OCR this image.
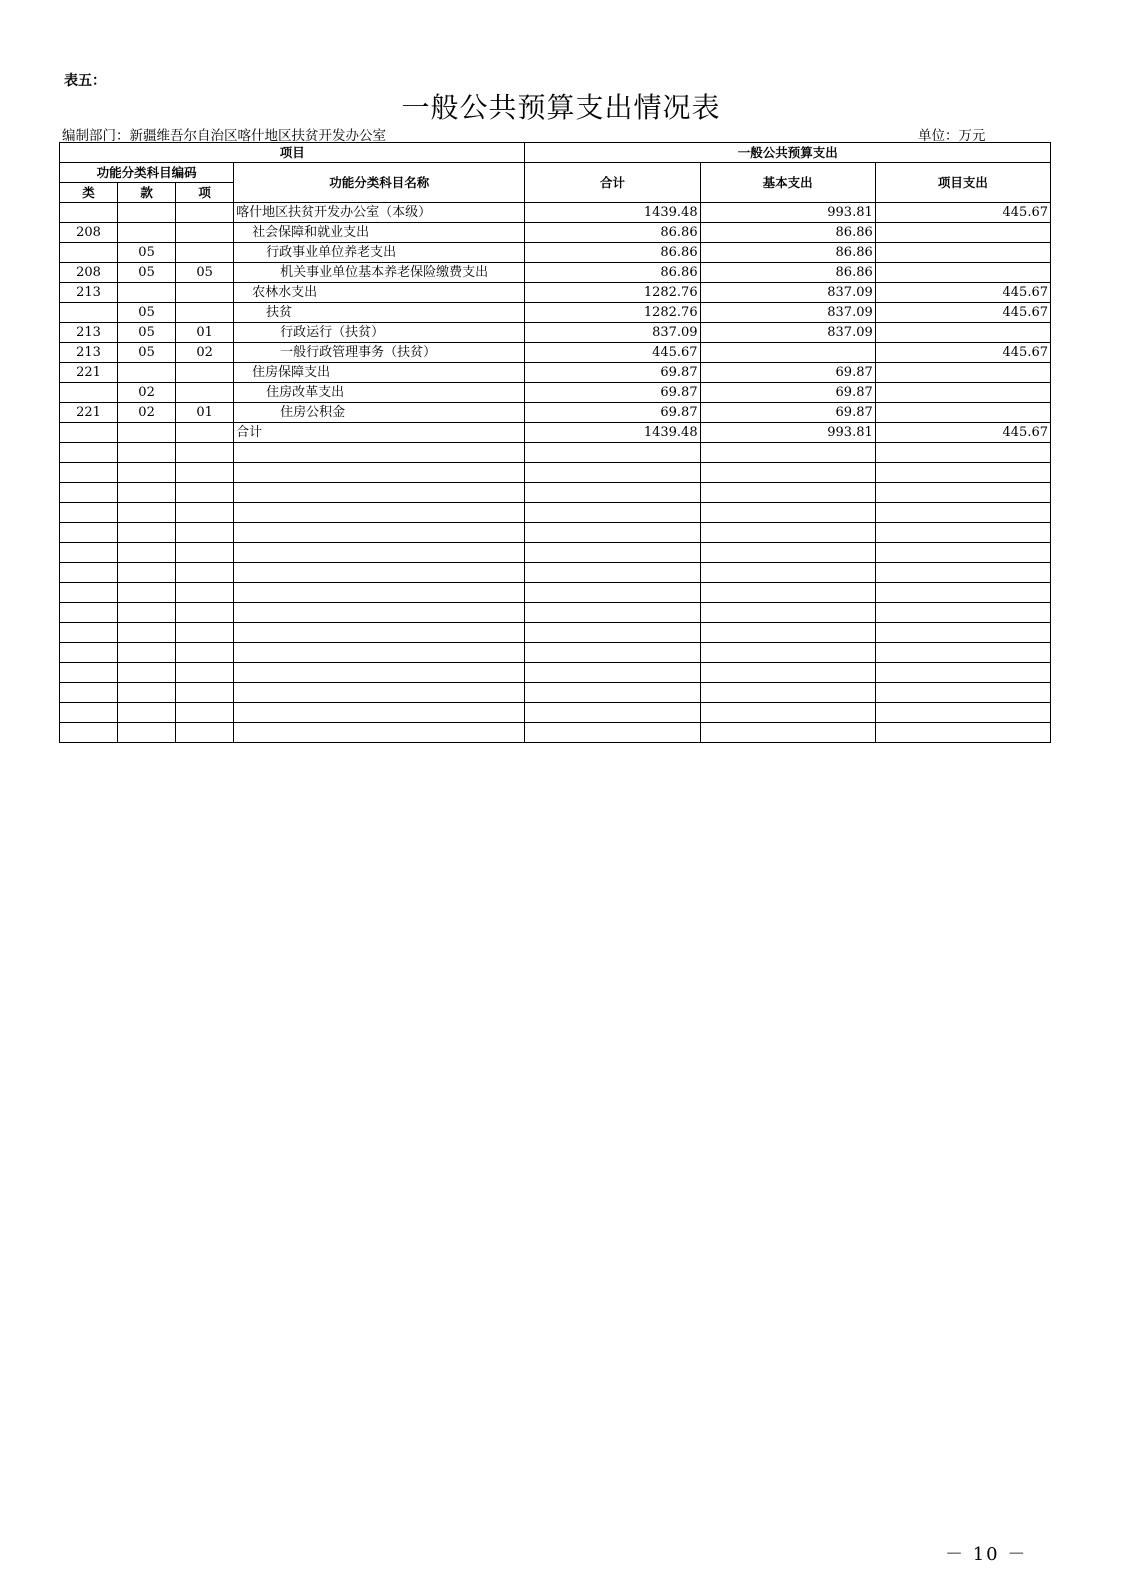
表五：
一般公共预算支出情况表
编制部门：新疆维吾尔自治区喀什地区扶贫开发办公室	单位：万元
项目				一般公共预算支出		
功能分类科目编码			功能分类科目名称	合计	基本支出	项目支出
类	款	项				
			喀什地区扶贫开发办公室（本级）	1439.48	993.81	445.67
208			社会保障和就业支出	86.86	86.86	
	05		行政事业单位养老支出	86.86	86.86	
208	05	05	机关事业单位基本养老保险缴费支出	86.86	86.86	
213			农林水支出	1282.76	837.09	445.67
	05		扶贫	1282.76	837.09	445.67
213	05	01	行政运行（扶贫）	837.09	837.09	
213	05	02	一般行政管理事务（扶贫）	445.67		445.67
221			住房保障支出	69.87	69.87	
	02		住房改革支出	69.87	69.87	
221	02	01	住房公积金	69.87	69.87	
			合计	1439.48	993.81	445.67

－ 10 －
